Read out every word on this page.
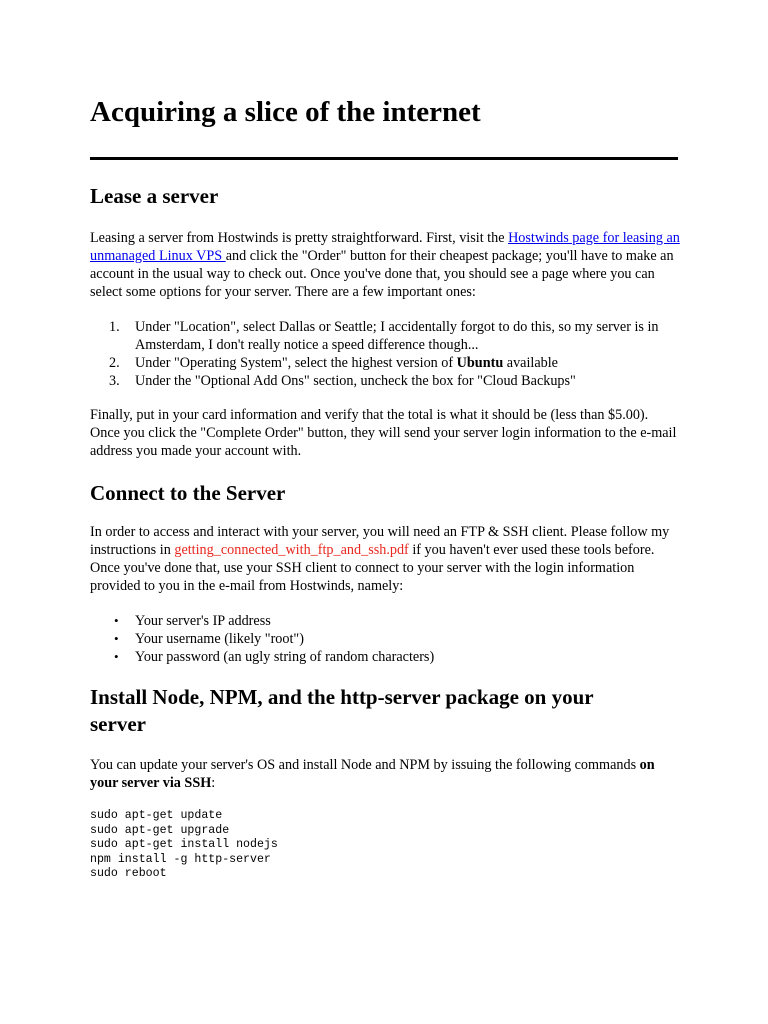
Acquiring a slice of the internet
Lease a server

Leasing a server from Hostwinds is pretty straightforward. First, visit the Hostwinds page for leasing an unmanaged Linux VPS and click the "Order" button for their cheapest package; you'll have to make an account in the usual way to check out. Once you've done that, you should see a page where you can select some options for your server. There are a few important ones:

1. Under "Location", select Dallas or Seattle; I accidentally forgot to do this, so my server is in Amsterdam, I don't really notice a speed difference though...
2. Under "Operating System", select the highest version of Ubuntu available
3. Under the "Optional Add Ons" section, uncheck the box for "Cloud Backups"

Finally, put in your card information and verify that the total is what it should be (less than $5.00). Once you click the "Complete Order" button, they will send your server login information to the e-mail address you made your account with.

Connect to the Server

In order to access and interact with your server, you will need an FTP & SSH client. Please follow my instructions in getting_connected_with_ftp_and_ssh.pdf if you haven't ever used these tools before. Once you've done that, use your SSH client to connect to your server with the login information provided to you in the e-mail from Hostwinds, namely:

• Your server's IP address
• Your username (likely "root")
• Your password (an ugly string of random characters)
Install Node, NPM, and the http-server package on your server

You can update your server's OS and install Node and NPM by issuing the following commands on your server via SSH:

sudo apt-get update
sudo apt-get upgrade
sudo apt-get install nodejs
npm install -g http-server
sudo reboot
